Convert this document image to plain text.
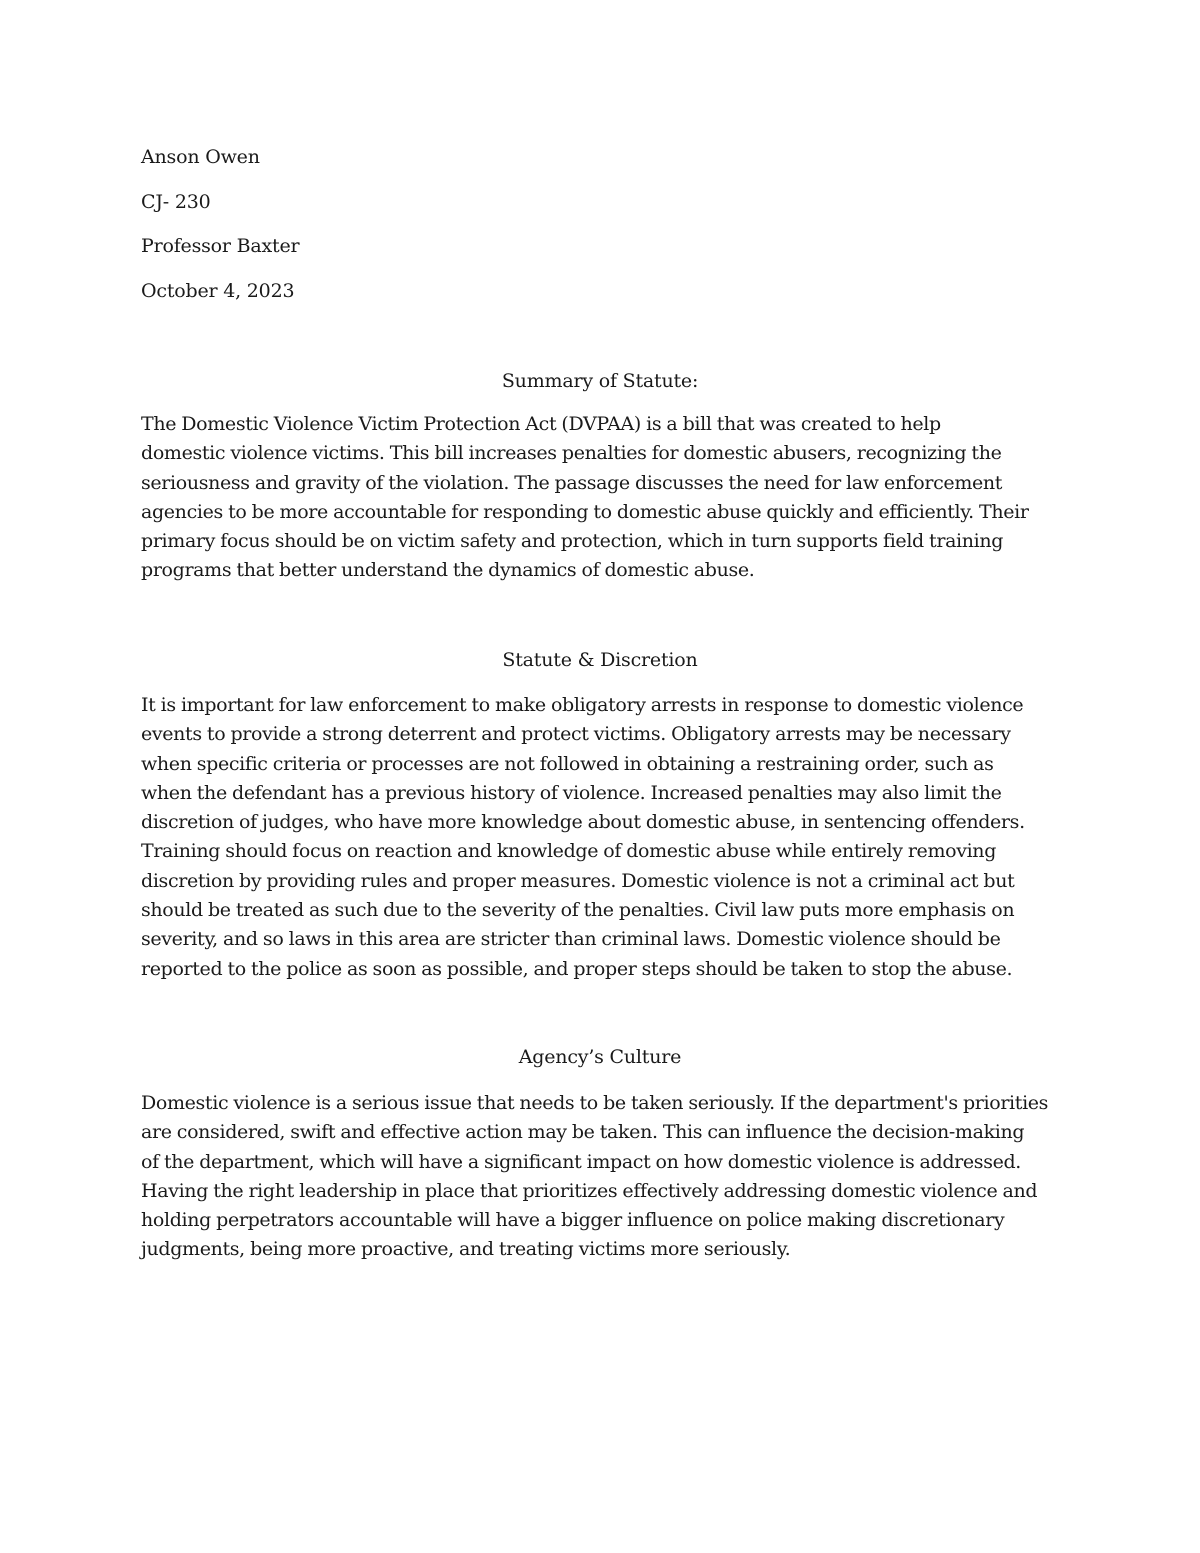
Anson Owen
CJ- 230
Professor Baxter
October 4, 2023
Summary of Statute:

The Domestic Violence Victim Protection Act (DVPAA) is a bill that was created to help
domestic violence victims. This bill increases penalties for domestic abusers, recognizing the
seriousness and gravity of the violation. The passage discusses the need for law enforcement
agencies to be more accountable for responding to domestic abuse quickly and efficiently. Their
primary focus should be on victim safety and protection, which in turn supports field training
programs that better understand the dynamics of domestic abuse.

Statute & Discretion

It is important for law enforcement to make obligatory arrests in response to domestic violence
events to provide a strong deterrent and protect victims. Obligatory arrests may be necessary
when specific criteria or processes are not followed in obtaining a restraining order, such as
when the defendant has a previous history of violence. Increased penalties may also limit the
discretion of judges, who have more knowledge about domestic abuse, in sentencing offenders.
Training should focus on reaction and knowledge of domestic abuse while entirely removing
discretion by providing rules and proper measures. Domestic violence is not a criminal act but
should be treated as such due to the severity of the penalties. Civil law puts more emphasis on
severity, and so laws in this area are stricter than criminal laws. Domestic violence should be
reported to the police as soon as possible, and proper steps should be taken to stop the abuse.

Agency’s Culture

Domestic violence is a serious issue that needs to be taken seriously. If the department's priorities
are considered, swift and effective action may be taken. This can influence the decision-making
of the department, which will have a significant impact on how domestic violence is addressed.
Having the right leadership in place that prioritizes effectively addressing domestic violence and
holding perpetrators accountable will have a bigger influence on police making discretionary
judgments, being more proactive, and treating victims more seriously.
